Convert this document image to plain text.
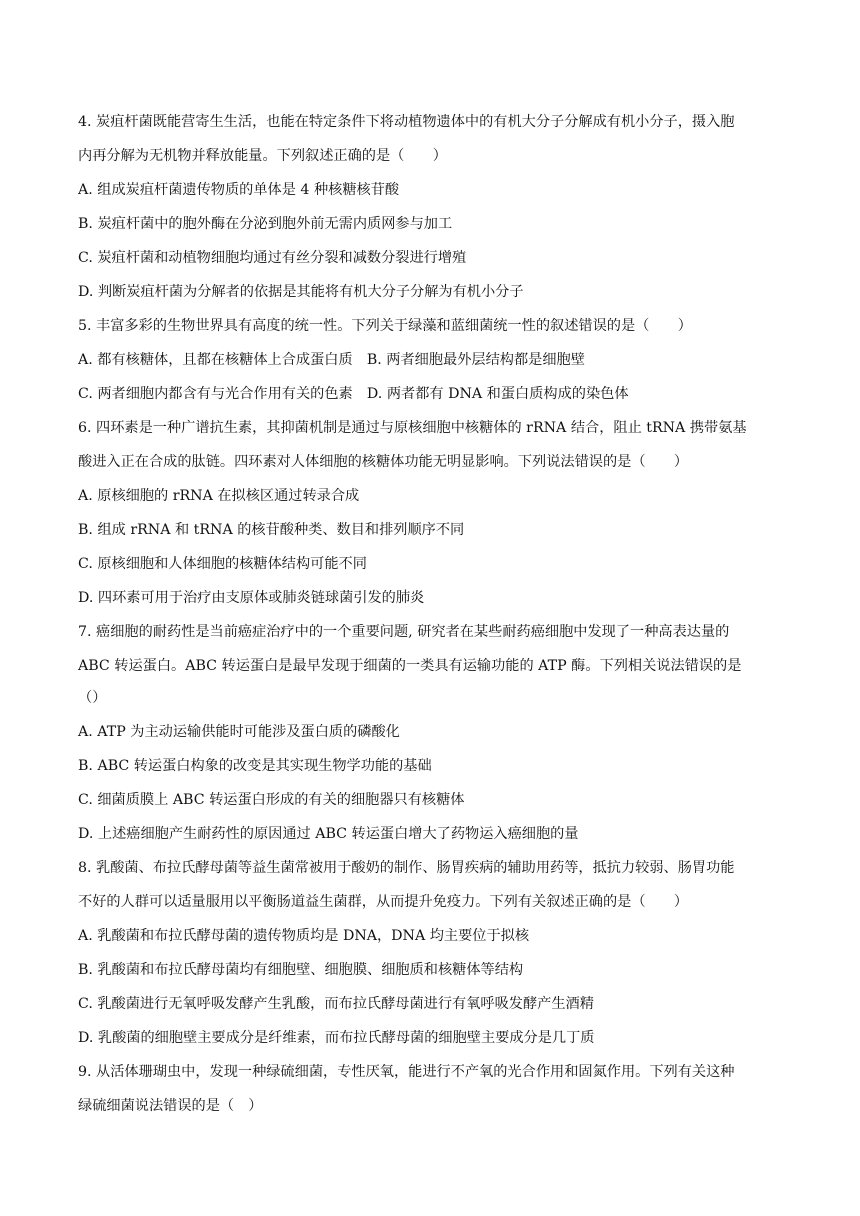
4. 炭疽杆菌既能营寄生生活，也能在特定条件下将动植物遗体中的有机大分子分解成有机小分子，摄入胞
内再分解为无机物并释放能量。下列叙述正确的是（　　）
A. 组成炭疽杆菌遗传物质的单体是 4 种核糖核苷酸
B. 炭疽杆菌中的胞外酶在分泌到胞外前无需内质网参与加工
C. 炭疽杆菌和动植物细胞均通过有丝分裂和减数分裂进行增殖
D. 判断炭疽杆菌为分解者的依据是其能将有机大分子分解为有机小分子
5. 丰富多彩的生物世界具有高度的统一性。下列关于绿藻和蓝细菌统一性的叙述错误的是（　　）
A. 都有核糖体，且都在核糖体上合成蛋白质　B. 两者细胞最外层结构都是细胞壁
C. 两者细胞内都含有与光合作用有关的色素　D. 两者都有 DNA 和蛋白质构成的染色体
6. 四环素是一种广谱抗生素，其抑菌机制是通过与原核细胞中核糖体的 rRNA 结合，阻止 tRNA 携带氨基
酸进入正在合成的肽链。四环素对人体细胞的核糖体功能无明显影响。下列说法错误的是（　　）
A. 原核细胞的 rRNA 在拟核区通过转录合成
B. 组成 rRNA 和 tRNA 的核苷酸种类、数目和排列顺序不同
C. 原核细胞和人体细胞的核糖体结构可能不同
D. 四环素可用于治疗由支原体或肺炎链球菌引发的肺炎
7. 癌细胞的耐药性是当前癌症治疗中的一个重要问题, 研究者在某些耐药癌细胞中发现了一种高表达量的
ABC 转运蛋白。ABC 转运蛋白是最早发现于细菌的一类具有运输功能的 ATP 酶。下列相关说法错误的是
（）
A. ATP 为主动运输供能时可能涉及蛋白质的磷酸化
B. ABC 转运蛋白构象的改变是其实现生物学功能的基础
C. 细菌质膜上 ABC 转运蛋白形成的有关的细胞器只有核糖体
D. 上述癌细胞产生耐药性的原因通过 ABC 转运蛋白增大了药物运入癌细胞的量
8. 乳酸菌、布拉氏酵母菌等益生菌常被用于酸奶的制作、肠胃疾病的辅助用药等，抵抗力较弱、肠胃功能
不好的人群可以适量服用以平衡肠道益生菌群，从而提升免疫力。下列有关叙述正确的是（　　）
A. 乳酸菌和布拉氏酵母菌的遗传物质均是 DNA，DNA 均主要位于拟核
B. 乳酸菌和布拉氏酵母菌均有细胞壁、细胞膜、细胞质和核糖体等结构
C. 乳酸菌进行无氧呼吸发酵产生乳酸，而布拉氏酵母菌进行有氧呼吸发酵产生酒精
D. 乳酸菌的细胞壁主要成分是纤维素，而布拉氏酵母菌的细胞壁主要成分是几丁质
9. 从活体珊瑚虫中，发现一种绿硫细菌，专性厌氧，能进行不产氧的光合作用和固氮作用。下列有关这种
绿硫细菌说法错误的是（　）
